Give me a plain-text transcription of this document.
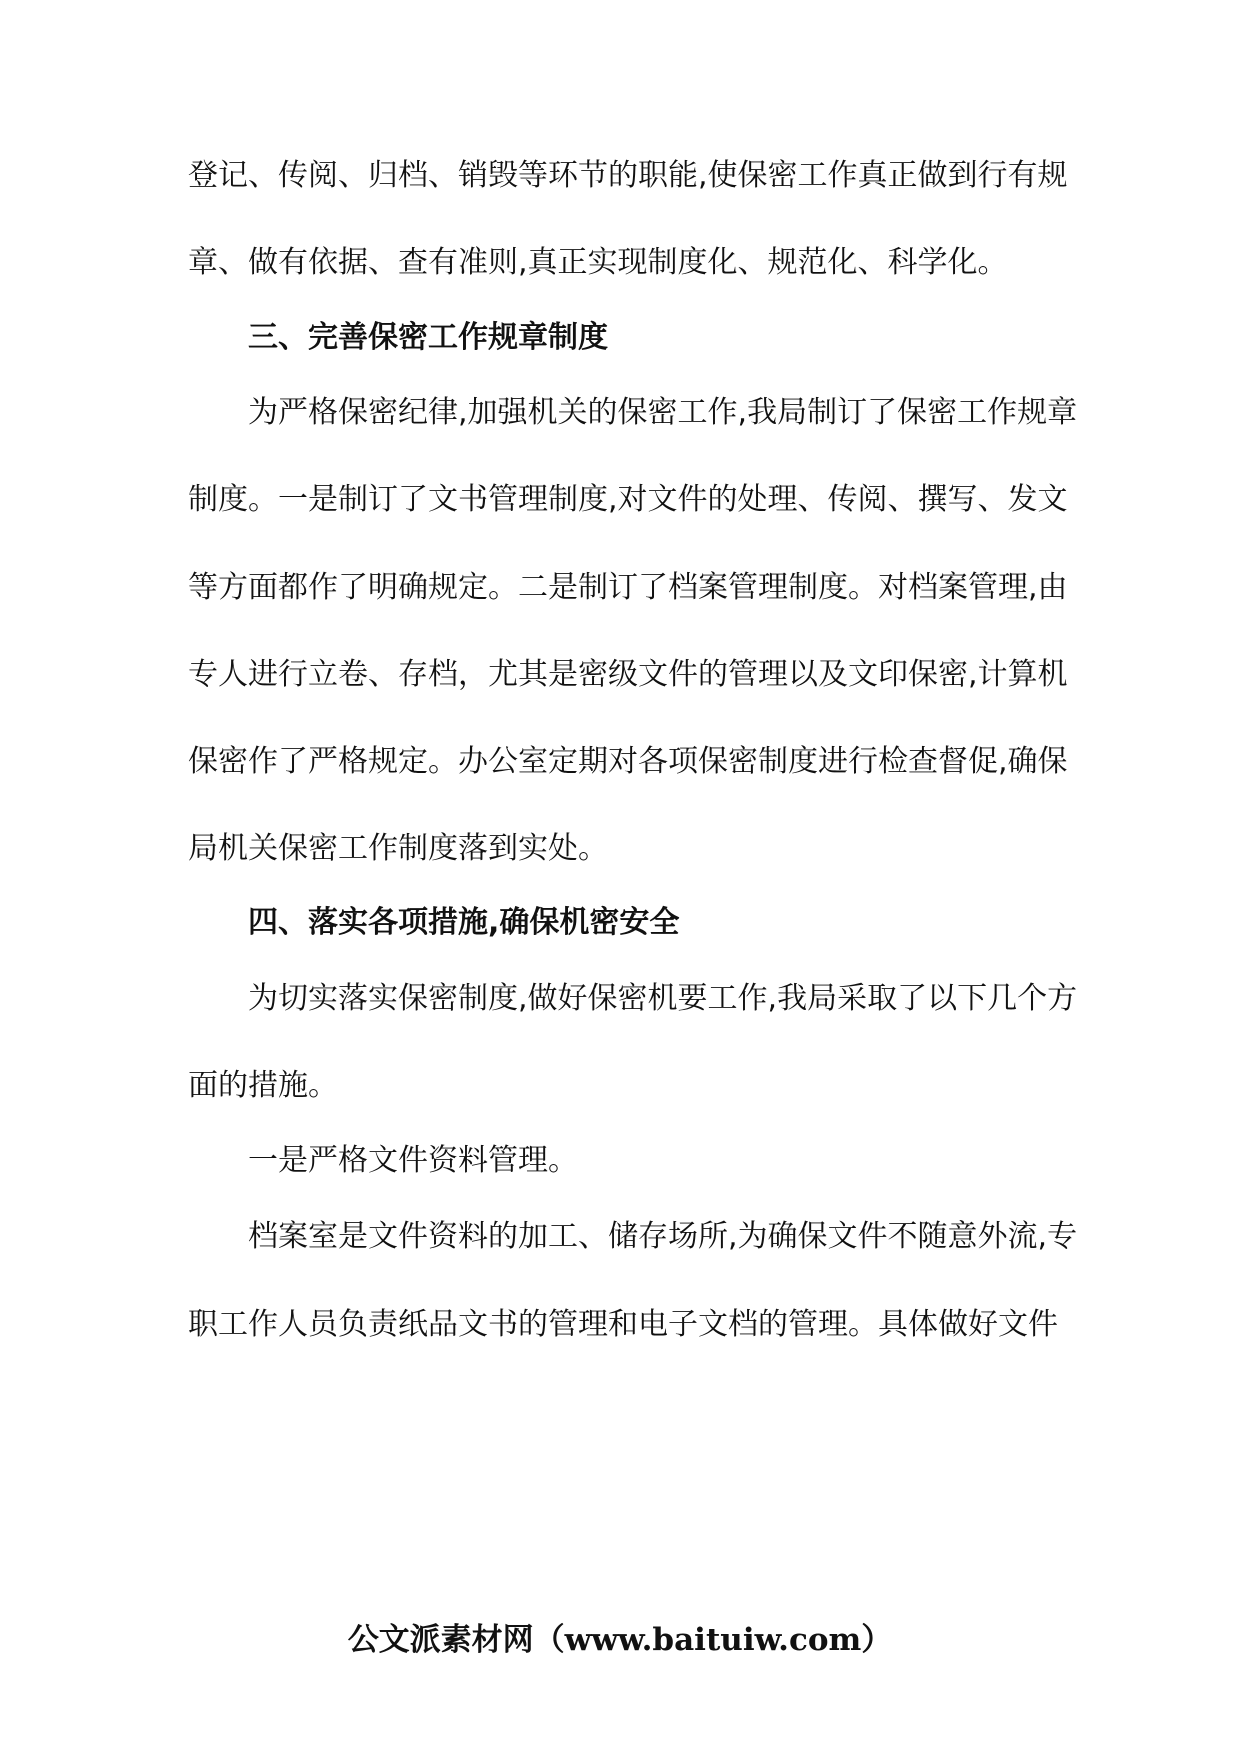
登记、传阅、归档、销毁等环节的职能,使保密工作真正做到行有规
章、做有依据、查有准则,真正实现制度化、规范化、科学化。
三、完善保密工作规章制度
为严格保密纪律,加强机关的保密工作,我局制订了保密工作规章
制度。一是制订了文书管理制度,对文件的处理、传阅、撰写、发文
等方面都作了明确规定。二是制订了档案管理制度。对档案管理,由
专人进行立卷、存档，尤其是密级文件的管理以及文印保密,计算机
保密作了严格规定。办公室定期对各项保密制度进行检查督促,确保
局机关保密工作制度落到实处。
四、落实各项措施,确保机密安全
为切实落实保密制度,做好保密机要工作,我局采取了以下几个方
面的措施。
一是严格文件资料管理。
档案室是文件资料的加工、储存场所,为确保文件不随意外流,专
职工作人员负责纸品文书的管理和电子文档的管理。具体做好文件
公文派素材网（www.baituiw.com）
